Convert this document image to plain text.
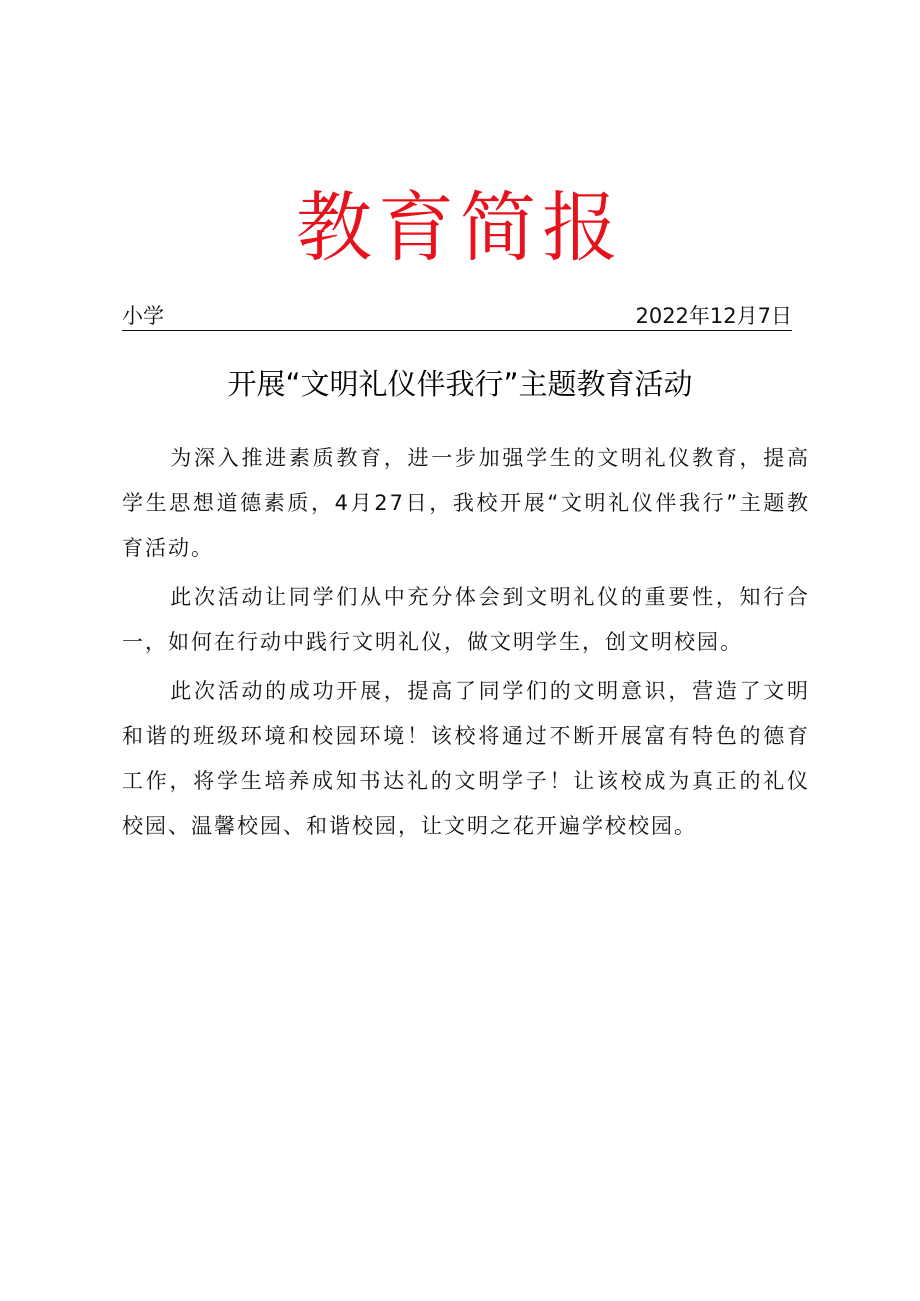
教育简报
小学	2022年12月7日
开展“文明礼仪伴我行”主题教育活动

为深入推进素质教育，进一步加强学生的文明礼仪教育，提高学生思想道德素质，4月27日，我校开展“文明礼仪伴我行”主题教育活动。

此次活动让同学们从中充分体会到文明礼仪的重要性，知行合一，如何在行动中践行文明礼仪，做文明学生，创文明校园。

此次活动的成功开展，提高了同学们的文明意识，营造了文明和谐的班级环境和校园环境！该校将通过不断开展富有特色的德育工作，将学生培养成知书达礼的文明学子！让该校成为真正的礼仪校园、温馨校园、和谐校园，让文明之花开遍学校校园。
